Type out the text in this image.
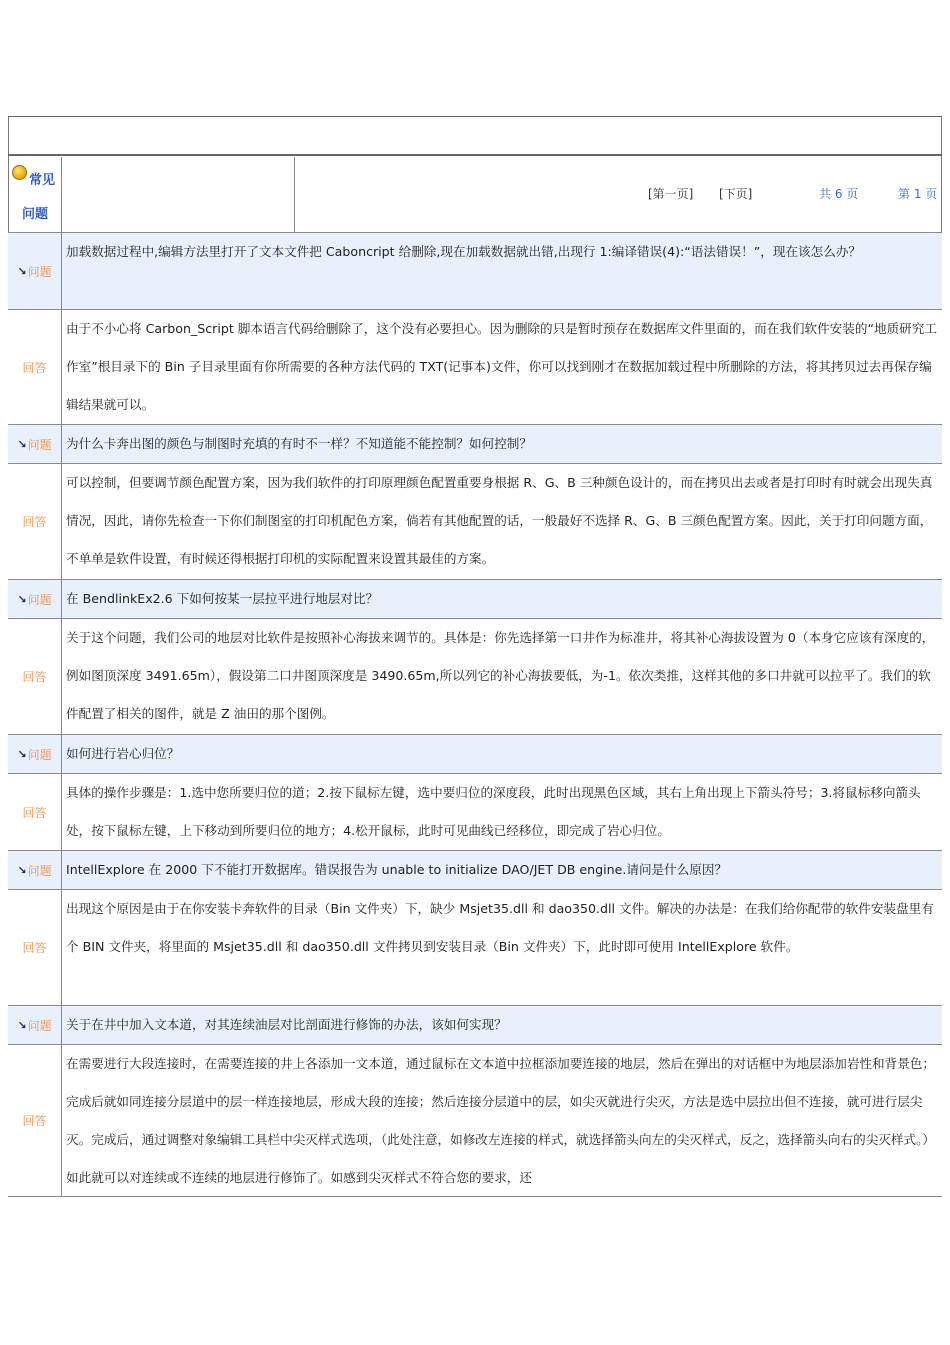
常见
问题
[第一页] [下页]	共 6 页	第 1 页
↘ 问题
加载数据过程中,编辑方法里打开了文本文件把 Caboncript 给删除,现在加载数据就出错,出现行 1:编译错误(4):“语法错误！”，现在该怎么办？
回答
由于不小心将 Carbon_Script 脚本语言代码给删除了，这个没有必要担心。因为删除的只是暂时预存在数据库文件里面的，而在我们软件安装的“地质研究工作室”根目录下的 Bin 子目录里面有你所需要的各种方法代码的 TXT(记事本)文件，你可以找到刚才在数据加载过程中所删除的方法，将其拷贝过去再保存编辑结果就可以。
↘ 问题 为什么卡奔出图的颜色与制图时充填的有时不一样？不知道能不能控制？如何控制？
回答
可以控制，但要调节颜色配置方案，因为我们软件的打印原理颜色配置重要身根据 R、G、B 三种颜色设计的，而在拷贝出去或者是打印时有时就会出现失真情况，因此，请你先检查一下你们制图室的打印机配色方案，倘若有其他配置的话，一般最好不选择 R、G、B 三颜色配置方案。因此，关于打印问题方面，不单单是软件设置，有时候还得根据打印机的实际配置来设置其最佳的方案。
↘ 问题 在 BendlinkEx2.6 下如何按某一层拉平进行地层对比？
回答
关于这个问题，我们公司的地层对比软件是按照补心海拔来调节的。具体是：你先选择第一口井作为标准井，将其补心海拔设置为 0（本身它应该有深度的，例如图顶深度 3491.65m），假设第二口井图顶深度是 3490.65m,所以列它的补心海拔要低，为-1。依次类推，这样其他的多口井就可以拉平了。我们的软件配置了相关的图件，就是 Z 油田的那个图例。
↘ 问题 如何进行岩心归位？
回答
具体的操作步骤是：1.选中您所要归位的道；2.按下鼠标左键，选中要归位的深度段，此时出现黑色区域，其右上角出现上下箭头符号；3.将鼠标移向箭头处，按下鼠标左键，上下移动到所要归位的地方；4.松开鼠标，此时可见曲线已经移位，即完成了岩心归位。
↘ 问题 IntellExplore 在 2000 下不能打开数据库。错误报告为 unable to initialize DAO/JET DB engine.请问是什么原因？
回答
出现这个原因是由于在你安装卡奔软件的目录（Bin 文件夹）下，缺少 Msjet35.dll 和 dao350.dll 文件。解决的办法是：在我们给你配带的软件安装盘里有个 BIN 文件夹，将里面的 Msjet35.dll 和 dao350.dll 文件拷贝到安装目录（Bin 文件夹）下，此时即可使用 IntellExplore 软件。
↘ 问题 关于在井中加入文本道，对其连续油层对比剖面进行修饰的办法，该如何实现？
回答
在需要进行大段连接时，在需要连接的井上各添加一文本道，通过鼠标在文本道中拉框添加要连接的地层，然后在弹出的对话框中为地层添加岩性和背景色；完成后就如同连接分层道中的层一样连接地层，形成大段的连接；然后连接分层道中的层，如尖灭就进行尖灭，方法是选中层拉出但不连接，就可进行层尖灭。完成后，通过调整对象编辑工具栏中尖灭样式选项，（此处注意，如修改左连接的样式，就选择箭头向左的尖灭样式，反之，选择箭头向右的尖灭样式。）如此就可以对连续或不连续的地层进行修饰了。如感到尖灭样式不符合您的要求，还
